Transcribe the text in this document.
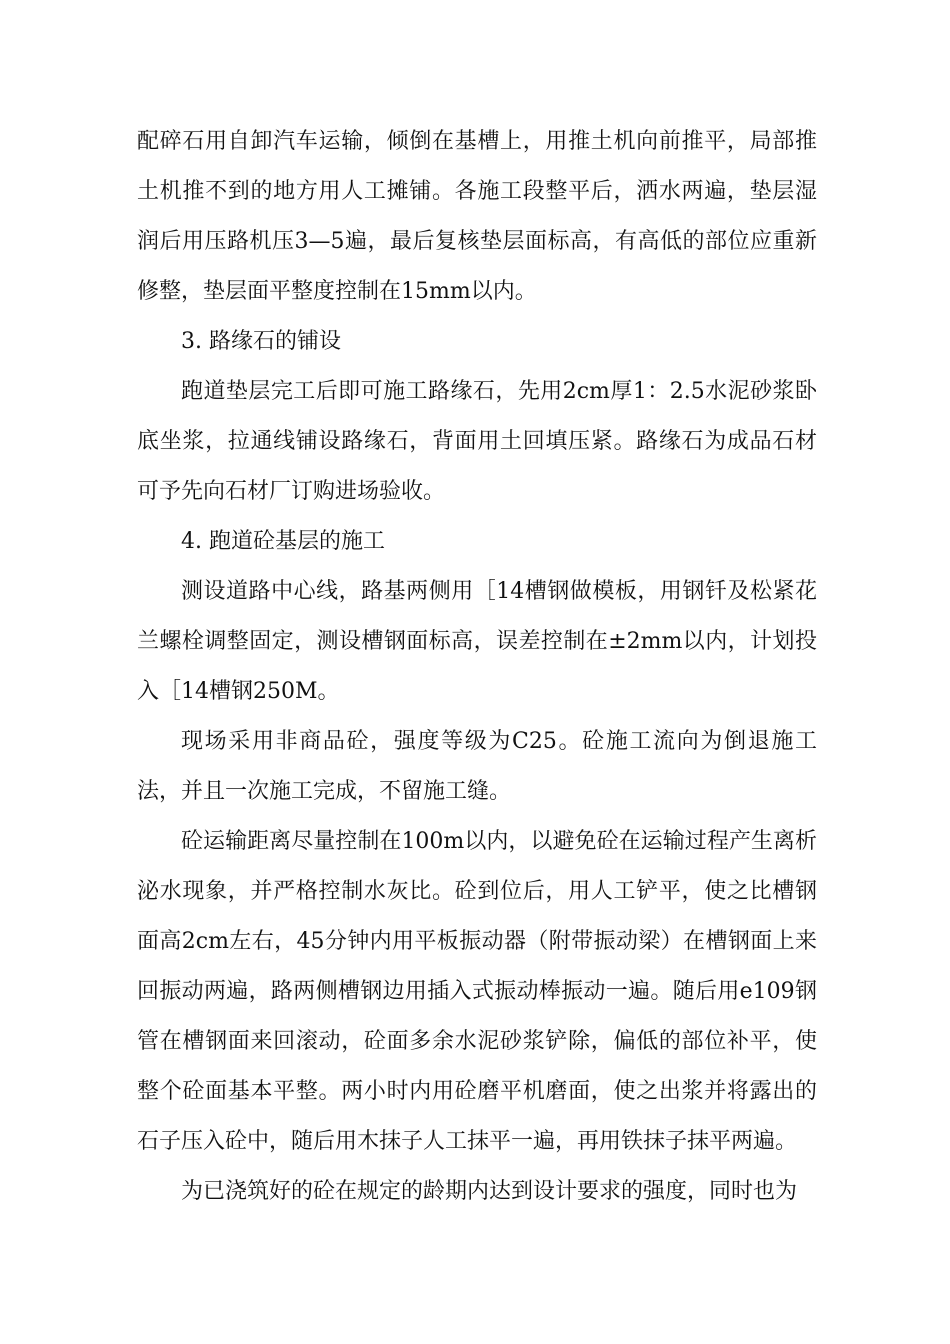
配碎石用自卸汽车运输，倾倒在基槽上，用推土机向前推平，局部推土机推不到的地方用人工摊铺。各施工段整平后，洒水两遍，垫层湿润后用压路机压3—5遍，最后复核垫层面标高，有高低的部位应重新修整，垫层面平整度控制在15mm以内。

3. 路缘石的铺设

跑道垫层完工后即可施工路缘石，先用2cm厚1：2.5水泥砂浆卧底坐浆，拉通线铺设路缘石，背面用土回填压紧。路缘石为成品石材可予先向石材厂订购进场验收。

4. 跑道砼基层的施工

测设道路中心线，路基两侧用［14槽钢做模板，用钢钎及松紧花兰螺栓调整固定，测设槽钢面标高，误差控制在±2mm以内，计划投入［14槽钢250M。

现场采用非商品砼，强度等级为C25。砼施工流向为倒退施工法，并且一次施工完成，不留施工缝。

砼运输距离尽量控制在100m以内，以避免砼在运输过程产生离析泌水现象，并严格控制水灰比。砼到位后，用人工铲平，使之比槽钢面高2cm左右，45分钟内用平板振动器（附带振动梁）在槽钢面上来回振动两遍，路两侧槽钢边用插入式振动棒振动一遍。随后用e109钢管在槽钢面来回滚动，砼面多余水泥砂浆铲除，偏低的部位补平，使整个砼面基本平整。两小时内用砼磨平机磨面，使之出浆并将露出的石子压入砼中，随后用木抹子人工抹平一遍，再用铁抹子抹平两遍。

为已浇筑好的砼在规定的龄期内达到设计要求的强度，同时也为
